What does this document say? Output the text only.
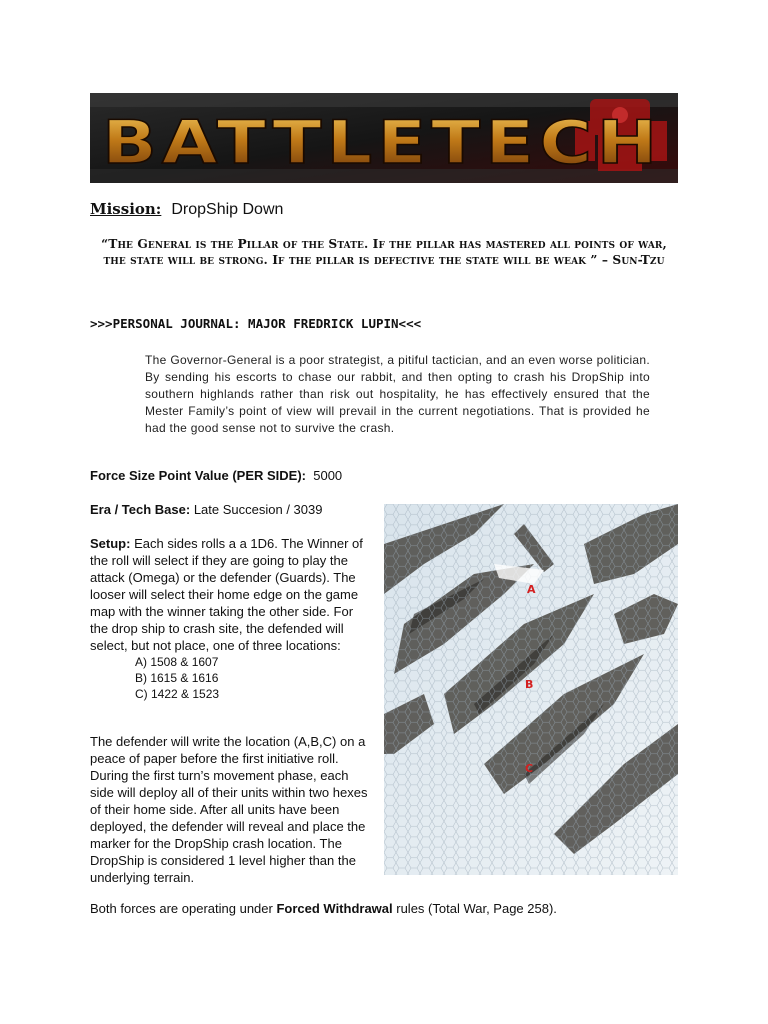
BATTLETECH
Mission: DropShip Down
“The General is the Pillar of the State. If the pillar has mastered all points of war, the state will be strong. If the pillar is defective the state will be weak ” – Sun-Tzu
>>>PERSONAL JOURNAL: MAJOR FREDRICK LUPIN<<<
The Governor-General is a poor strategist, a pitiful tactician, and an even worse politician. By sending his escorts to chase our rabbit, and then opting to crash his DropShip into southern highlands rather than risk out hospitality, he has effectively ensured that the Mester Family’s point of view will prevail in the current negotiations. That is provided he had the good sense not to survive the crash.
Force Size Point Value (PER SIDE): 5000
Era / Tech Base: Late Succesion / 3039
Setup: Each sides rolls a a 1D6. The Winner of the roll will select if they are going to play the attack (Omega) or the defender (Guards). The looser will select their home edge on the game map with the winner taking the other side. For the drop ship to crash site, the defended will select, but not place, one of three locations:
A) 1508 & 1607
B) 1615 & 1616
C) 1422 & 1523
The defender will write the location (A,B,C) on a peace of paper before the first initiative roll. During the first turn’s movement phase, each side will deploy all of their units within two hexes of their home side. After all units have been deployed, the defender will reveal and place the marker for the DropShip crash location. The DropShip is considered 1 level higher than the underlying terrain.
Both forces are operating under Forced Withdrawal rules (Total War, Page 258).
A
B
C
